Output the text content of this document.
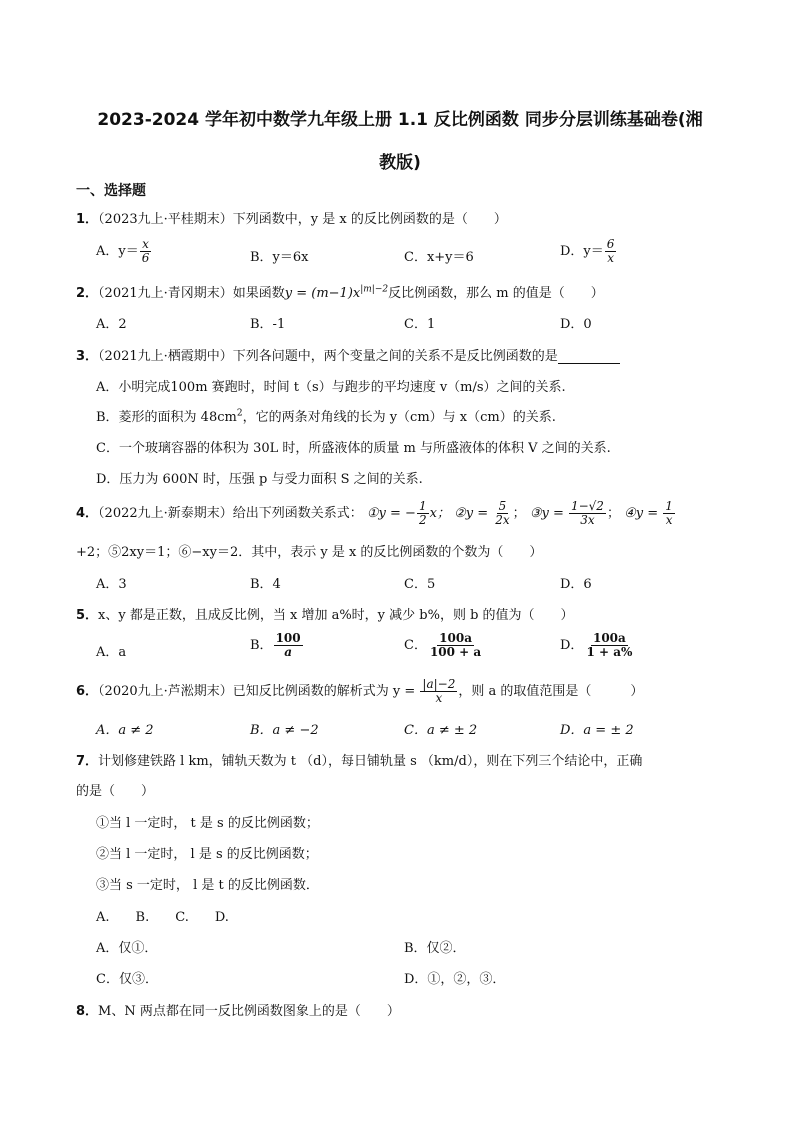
2023-2024 学年初中数学九年级上册 1.1 反比例函数 同步分层训练基础卷(湘
教版)
一、选择题
1．（2023九上·平桂期末）下列函数中，y 是 x 的反比例函数的是（　　）
A．$y= \frac{x}{6}$	B．y＝6x	C．x+y＝6	D．$y= \frac{6}{x}$
2．（2021九上·青冈期末）如果函数$y = (m-1)x^{|m|-2}$反比例函数，那么 m 的值是（　　）
A．2	B．-1	C．1	D．0
3．（2021九上·栖霞期中）下列各问题中，两个变量之间的关系不是反比例函数的是
A．小明完成100m 赛跑时，时间 t（s）与跑步的平均速度 v（m/s）之间的关系.
B．菱形的面积为 $48cm^2$，它的两条对角线的长为 y（cm）与 x（cm）的关系.
C．一个玻璃容器的体积为 30L 时，所盛液体的质量 m 与所盛液体的体积 V 之间的关系.
D．压力为 600N 时，压强 p 与受力面积 S 之间的关系.
4．（2022九上·新泰期末）给出下列函数关系式： ①y = − $\frac{1}{2}$ x； ②y = $\frac{5}{2x}$ ； ③y = $\frac{1-√2}{3x}$ ； ④y = $\frac{1}{x}$
+2；⑤2xy＝1；⑥−xy＝2．其中，表示 y 是 x 的反比例函数的个数为（　　）
A．3	B．4	C．5	D．6
5．x、y 都是正数，且成反比例，当 x 增加 a%时，y 减少 b%，则 b 的值为（　　）
A．a	B． $\frac{100}{a}$	C． $\frac{100a}{100 + a}$	D． $\frac{100a}{1 + a\%}$
6．（2020九上·芦淞期末）已知反比例函数的解析式为 $y = \frac{|a|-2}{x}$ ，则 a 的取值范围是（　　　）
A．a ≠ 2	B．a ≠ −2	C．a ≠ ± 2	D．a = ± 2
7．计划修建铁路 l km，铺轨天数为 t （d），每日铺轨量 s （km/d），则在下列三个结论中，正确
的是（　　）
①当 l 一定时， t 是 s 的反比例函数；
②当 l 一定时， l 是 s 的反比例函数；
③当 s 一定时， l 是 t 的反比例函数．
A.　　B.　　C.　　D.
A．仅①．	B．仅②．
C．仅③．	D．①，②，③．
8．M、N 两点都在同一反比例函数图象上的是（　　）
